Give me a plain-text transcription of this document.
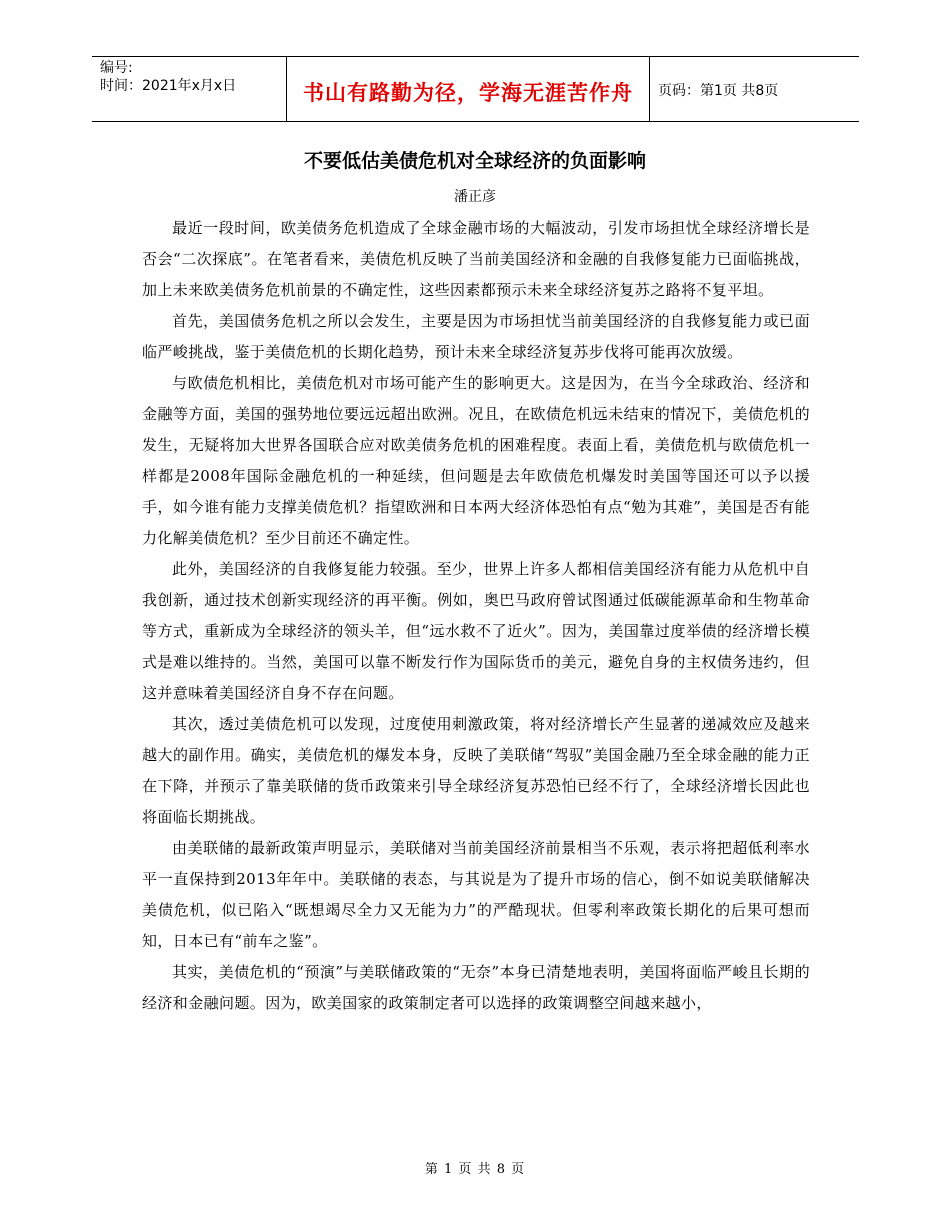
编号:
时间：2021年x月x日	书山有路勤为径，学海无涯苦作舟	页码：第1页 共8页
不要低估美债危机对全球经济的负面影响
潘正彦

最近一段时间，欧美债务危机造成了全球金融市场的大幅波动，引发市场担忧全球经济增长是否会“二次探底”。在笔者看来，美债危机反映了当前美国经济和金融的自我修复能力已面临挑战，加上未来欧美债务危机前景的不确定性，这些因素都预示未来全球经济复苏之路将不复平坦。

首先，美国债务危机之所以会发生，主要是因为市场担忧当前美国经济的自我修复能力或已面临严峻挑战，鉴于美债危机的长期化趋势，预计未来全球经济复苏步伐将可能再次放缓。

与欧债危机相比，美债危机对市场可能产生的影响更大。这是因为，在当今全球政治、经济和金融等方面，美国的强势地位要远远超出欧洲。况且，在欧债危机远未结束的情况下，美债危机的发生，无疑将加大世界各国联合应对欧美债务危机的困难程度。表面上看，美债危机与欧债危机一样都是2008年国际金融危机的一种延续，但问题是去年欧债危机爆发时美国等国还可以予以援手，如今谁有能力支撑美债危机？指望欧洲和日本两大经济体恐怕有点“勉为其难”，美国是否有能力化解美债危机？至少目前还不确定性。

此外，美国经济的自我修复能力较强。至少，世界上许多人都相信美国经济有能力从危机中自我创新，通过技术创新实现经济的再平衡。例如，奥巴马政府曾试图通过低碳能源革命和生物革命等方式，重新成为全球经济的领头羊，但“远水救不了近火”。因为，美国靠过度举债的经济增长模式是难以维持的。当然，美国可以靠不断发行作为国际货币的美元，避免自身的主权债务违约，但这并意味着美国经济自身不存在问题。

其次，透过美债危机可以发现，过度使用刺激政策，将对经济增长产生显著的递减效应及越来越大的副作用。确实，美债危机的爆发本身，反映了美联储“驾驭”美国金融乃至全球金融的能力正在下降，并预示了靠美联储的货币政策来引导全球经济复苏恐怕已经不行了，全球经济增长因此也将面临长期挑战。

由美联储的最新政策声明显示，美联储对当前美国经济前景相当不乐观，表示将把超低利率水平一直保持到2013年年中。美联储的表态，与其说是为了提升市场的信心，倒不如说美联储解决美债危机，似已陷入“既想竭尽全力又无能为力”的严酷现状。但零利率政策长期化的后果可想而知，日本已有“前车之鉴”。

其实，美债危机的“预演”与美联储政策的“无奈”本身已清楚地表明，美国将面临严峻且长期的经济和金融问题。因为，欧美国家的政策制定者可以选择的政策调整空间越来越小，

第 1 页 共 8 页
